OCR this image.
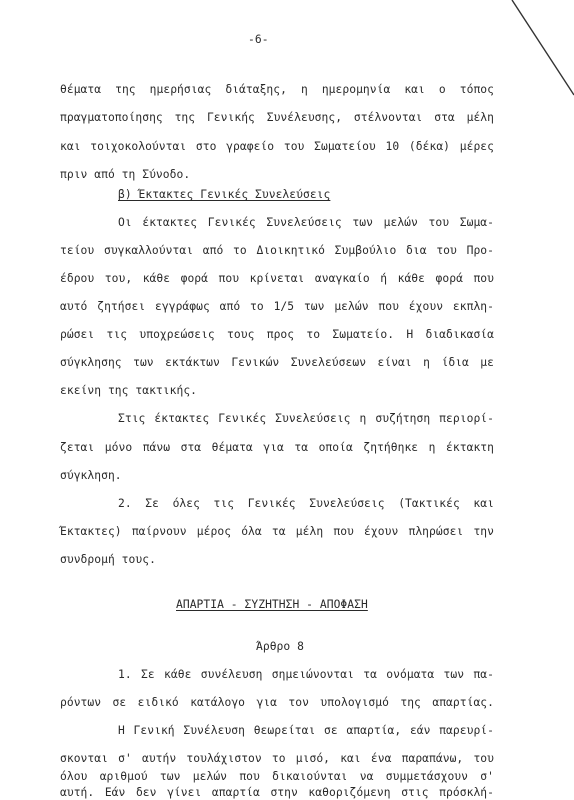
-6-
θέματα της ημερήσιας διάταξης, η ημερομηνία και ο τόπος
πραγματοποίησης της Γενικής Συνέλευσης, στέλνονται στα μέλη
και τοιχοκολούνται στο γραφείο του Σωματείου 10 (δέκα) μέρες
πριν από τη Σύνοδο.
β) Έκτακτες Γενικές Συνελεύσεις
Οι έκτακτες Γενικές Συνελεύσεις των μελών του Σωμα-
τείου συγκαλλούνται από το Διοικητικό Συμβούλιο δια του Προ-
έδρου του, κάθε φορά που κρίνεται αναγκαίο ή κάθε φορά που
αυτό ζητήσει εγγράφως από το 1/5 των μελών που έχουν εκπλη-
ρώσει τις υποχρεώσεις τους προς το Σωματείο. Η διαδικασία
σύγκλησης των εκτάκτων Γενικών Συνελεύσεων είναι η ίδια με
εκείνη της τακτικής.
Στις έκτακτες Γενικές Συνελεύσεις η συζήτηση περιορί-
ζεται μόνο πάνω στα θέματα για τα οποία ζητήθηκε η έκτακτη
σύγκληση.
2. Σε όλες τις Γενικές Συνελεύσεις (Τακτικές και
Έκτακτες) παίρνουν μέρος όλα τα μέλη που έχουν πληρώσει την
συνδρομή τους.
ΑΠΑΡΤΙΑ - ΣΥΖΗΤΗΣΗ - ΑΠΟΦΑΣΗ
Άρθρο 8
1. Σε κάθε συνέλευση σημειώνονται τα ονόματα των πα-
ρόντων σε ειδικό κατάλογο για τον υπολογισμό της απαρτίας.
Η Γενική Συνέλευση θεωρείται σε απαρτία, εάν παρευρί-
σκονται σ' αυτήν τουλάχιστον το μισό, και ένα παραπάνω, του
όλου αριθμού των μελών που δικαιούνται να συμμετάσχουν σ'
αυτή. Εάν δεν γίνει απαρτία στην καθοριζόμενη στις πρόσκλή-
